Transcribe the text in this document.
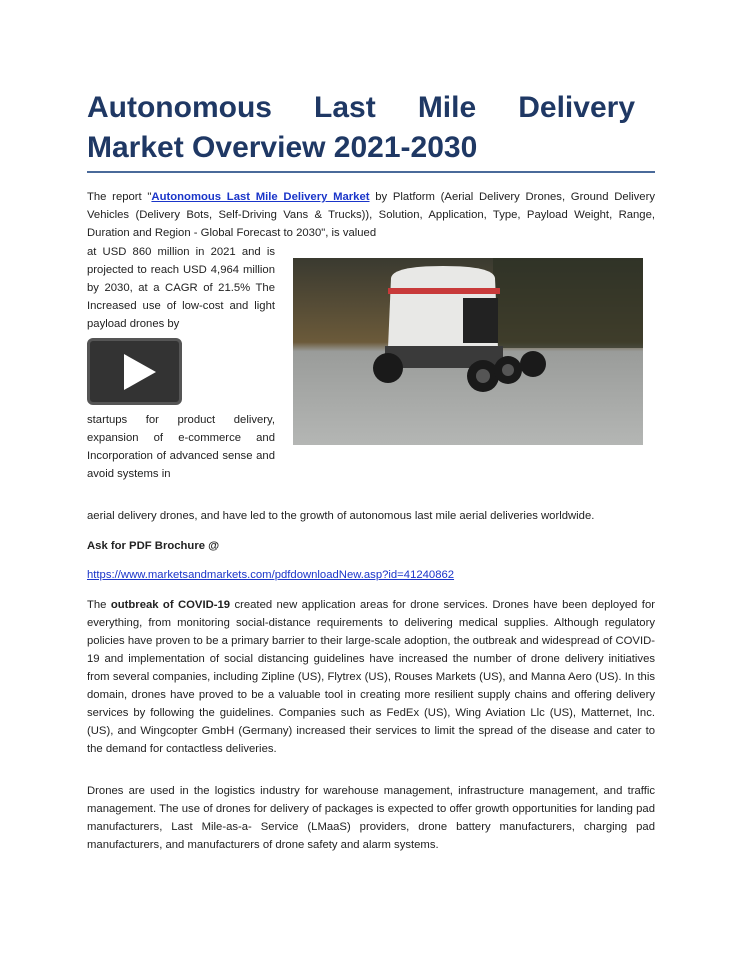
Autonomous Last Mile Delivery
Market Overview 2021-2030
The report "Autonomous Last Mile Delivery Market by Platform (Aerial Delivery Drones, Ground Delivery Vehicles (Delivery Bots, Self-Driving Vans & Trucks)), Solution, Application, Type, Payload Weight, Range, Duration and Region - Global Forecast to 2030", is valued
at USD 860 million in 2021 and is projected to reach USD 4,964 million by 2030, at a CAGR of 21.5% The Increased use of low-cost and light payload drones by
startups for product delivery, expansion of e-commerce and Incorporation of advanced sense and avoid systems in
aerial delivery drones, and have led to the growth of autonomous last mile aerial deliveries worldwide.
Ask for PDF Brochure @
https://www.marketsandmarkets.com/pdfdownloadNew.asp?id=41240862
The outbreak of COVID-19 created new application areas for drone services. Drones have been deployed for everything, from monitoring social-distance requirements to delivering medical supplies. Although regulatory policies have proven to be a primary barrier to their large-scale adoption, the outbreak and widespread of COVID-19 and implementation of social distancing guidelines have increased the number of drone delivery initiatives from several companies, including Zipline (US), Flytrex (US), Rouses Markets (US), and Manna Aero (US). In this domain, drones have proved to be a valuable tool in creating more resilient supply chains and offering delivery services by following the guidelines. Companies such as FedEx (US), Wing Aviation Llc (US), Matternet, Inc. (US), and Wingcopter GmbH (Germany) increased their services to limit the spread of the disease and cater to the demand for contactless deliveries.
Drones are used in the logistics industry for warehouse management, infrastructure management, and traffic management. The use of drones for delivery of packages is expected to offer growth opportunities for landing pad manufacturers, Last Mile-as-a- Service (LMaaS) providers, drone battery manufacturers, charging pad manufacturers, and manufacturers of drone safety and alarm systems.
